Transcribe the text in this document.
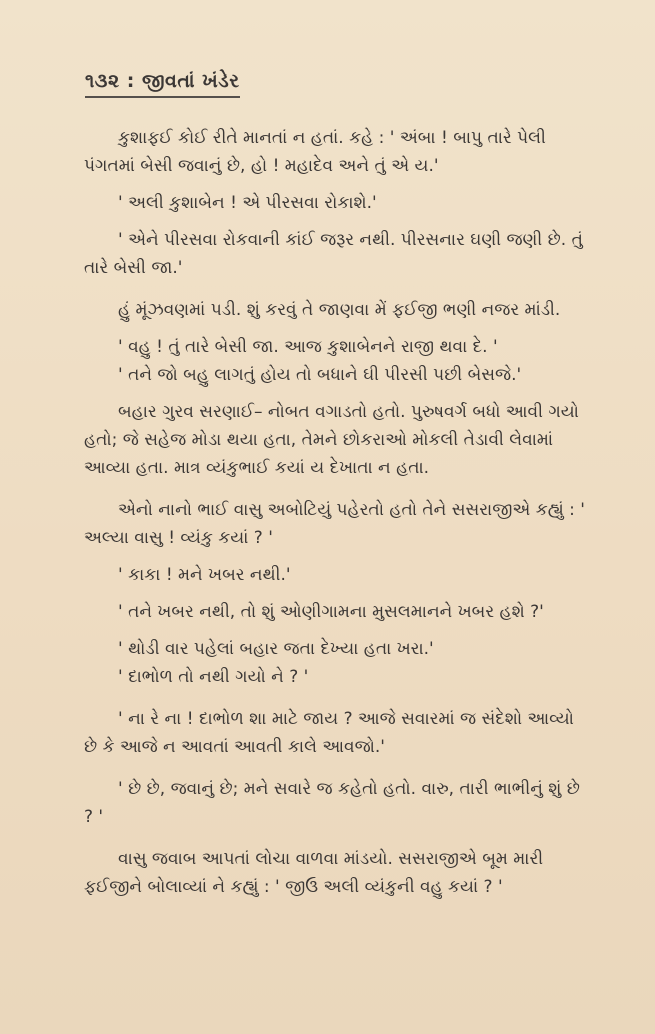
૧૩૨ : જીવતાં ખંડેર

કુશાફઈ કોઈ રીતે માનતાં ન હતાં. કહે : ' અંબા ! બાપુ તારે પેલી પંગતમાં બેસી જવાનું છે, હો ! મહાદેવ અને તું એ ય.'

' અલી કુશાબેન ! એ પીરસવા રોકાશે.'

' એને પીરસવા રોકવાની કાંઈ જરૂર નથી. પીરસનાર ઘણી જણી છે. તું તારે બેસી જા.'

હું મૂંઝવણમાં પડી. શું કરવું તે જાણવા મેં ફઈજી ભણી નજર માંડી.

' વહુ ! તું તારે બેસી જા. આજ કુશાબેનને રાજી થવા દે. '

' તને જો બહુ લાગતું હોય તો બધાને ઘી પીરસી પછી બેસજે.'

બહાર ગુરવ સરણાઈ– નોબત વગાડતો હતો. પુરુષવર્ગ બધો આવી ગયો હતો; જે સહેજ મોડા થયા હતા, તેમને છોકરાઓ મોકલી તેડાવી લેવામાં આવ્યા હતા. માત્ર વ્યંકુભાઈ કયાં ય દેખાતા ન હતા.

એનો નાનો ભાઈ વાસુ અબોટિયું પહેરતો હતો તેને સસરાજીએ કહ્યું : ' અલ્યા વાસુ ! વ્યંકુ કયાં ? '

' કાકા ! મને ખબર નથી.'

' તને ખબર નથી, તો શું ઓણીગામના મુસલમાનને ખબર હશે ?'

' થોડી વાર પહેલાં બહાર જતા દેખ્યા હતા ખરા.'

' દાભોળ તો નથી ગયો ને ? '

' ના રે ના ! દાભોળ શા માટે જાય ? આજે સવારમાં જ સંદેશો આવ્યો છે કે આજે ન આવતાં આવતી કાલે આવજો.'

' છે છે, જવાનું છે; મને સવારે જ કહેતો હતો. વારુ, તારી ભાભીનું શું છે ? '

વાસુ જવાબ આપતાં લોચા વાળવા માંડયો. સસરાજીએ બૂમ મારી ફઈજીને બોલાવ્યાં ને કહ્યું : ' જીઉ અલી વ્યંકુની વહુ કયાં ? '
